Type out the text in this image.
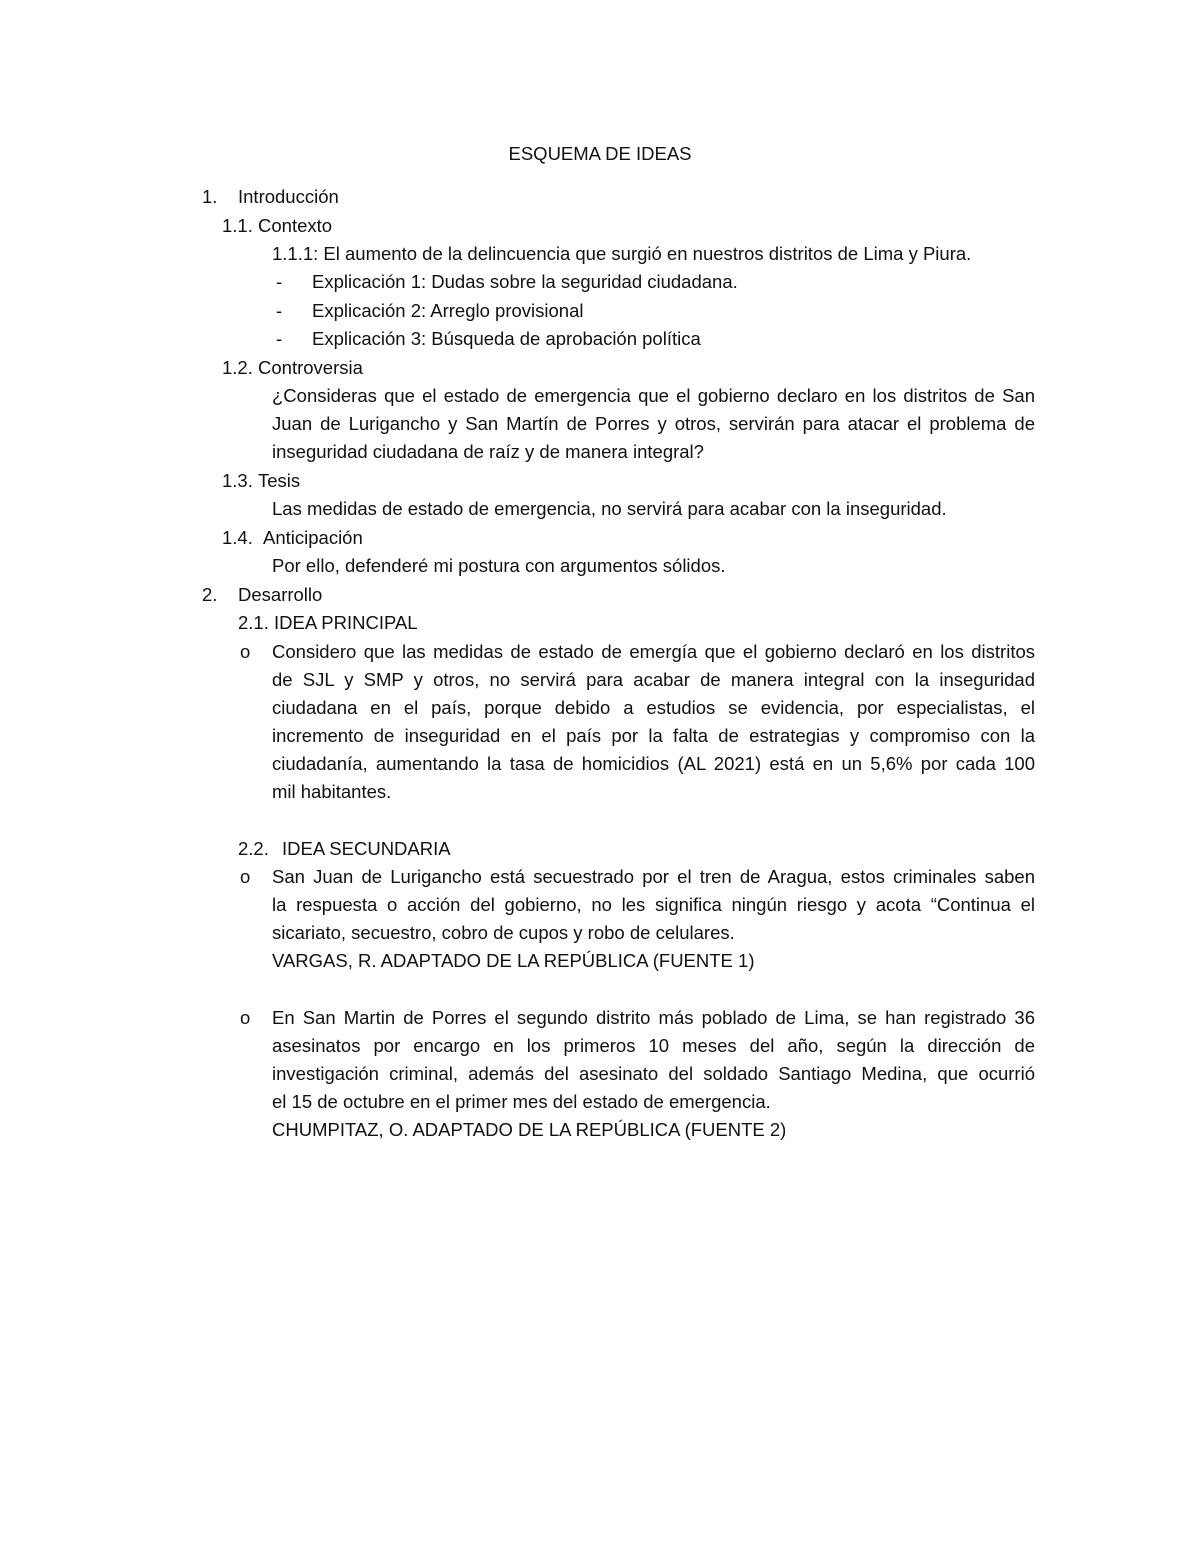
ESQUEMA DE IDEAS
1. Introducción
1.1. Contexto
1.1.1: El aumento de la delincuencia que surgió en nuestros distritos de Lima y Piura.
- Explicación 1: Dudas sobre la seguridad ciudadana.
- Explicación 2: Arreglo provisional
- Explicación 3: Búsqueda de aprobación política
1.2. Controversia
¿Consideras que el estado de emergencia que el gobierno declaro en los distritos de San
Juan de Lurigancho y San Martín de Porres y otros, servirán para atacar el problema de
inseguridad ciudadana de raíz y de manera integral?
1.3. Tesis
Las medidas de estado de emergencia, no servirá para acabar con la inseguridad.
1.4. Anticipación
Por ello, defenderé mi postura con argumentos sólidos.
2. Desarrollo
2.1. IDEA PRINCIPAL
o Considero que las medidas de estado de emergía que el gobierno declaró en los distritos
de SJL y SMP y otros, no servirá para acabar de manera integral con la inseguridad
ciudadana en el país, porque debido a estudios se evidencia, por especialistas, el
incremento de inseguridad en el país por la falta de estrategias y compromiso con la
ciudadanía, aumentando la tasa de homicidios (AL 2021) está en un 5,6% por cada 100
mil habitantes.
2.2. IDEA SECUNDARIA
o San Juan de Lurigancho está secuestrado por el tren de Aragua, estos criminales saben
la respuesta o acción del gobierno, no les significa ningún riesgo y acota “Continua el
sicariato, secuestro, cobro de cupos y robo de celulares.
VARGAS, R. ADAPTADO DE LA REPÚBLICA (FUENTE 1)
o En San Martin de Porres el segundo distrito más poblado de Lima, se han registrado 36
asesinatos por encargo en los primeros 10 meses del año, según la dirección de
investigación criminal, además del asesinato del soldado Santiago Medina, que ocurrió
el 15 de octubre en el primer mes del estado de emergencia.
CHUMPITAZ, O. ADAPTADO DE LA REPÚBLICA (FUENTE 2)
